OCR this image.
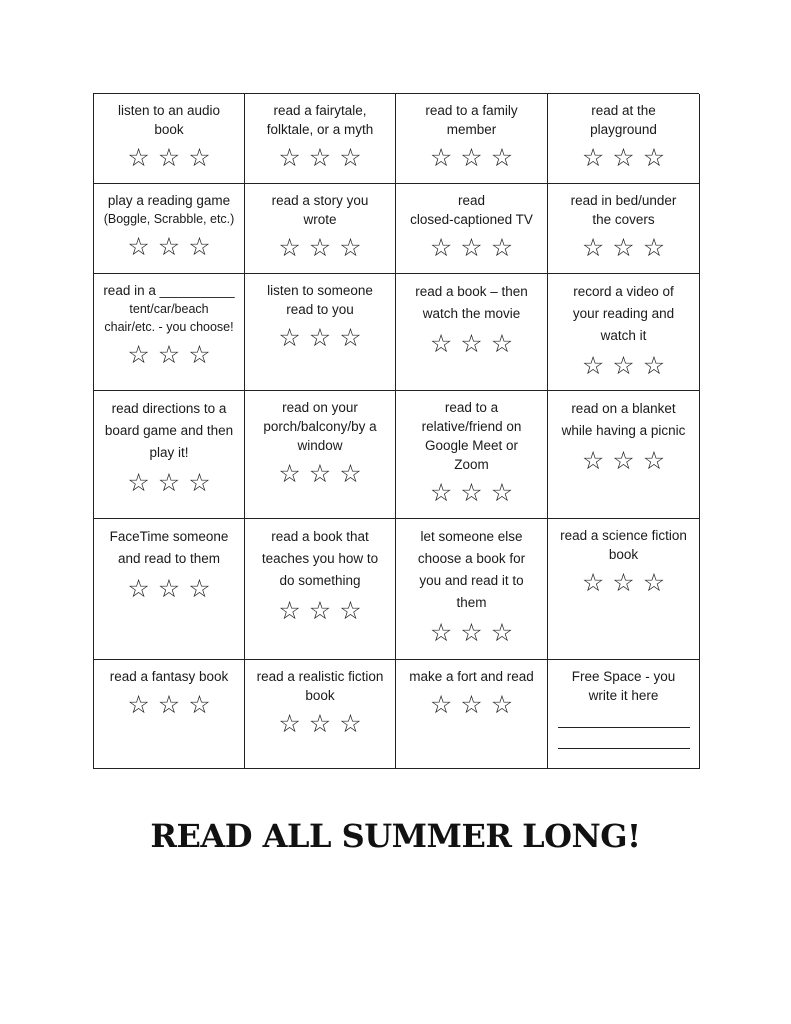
listen to an audio
book
☆ ☆ ☆
read a fairytale,
folktale, or a myth
☆ ☆ ☆
read to a family
member
☆ ☆ ☆
read at the
playground
☆ ☆ ☆
play a reading game
(Boggle, Scrabble, etc.)
☆ ☆ ☆
read a story you
wrote
☆ ☆ ☆
read
closed-captioned TV
☆ ☆ ☆
read in bed/under
the covers
☆ ☆ ☆
read in a __________
tent/car/beach
chair/etc. - you choose!
☆ ☆ ☆
listen to someone
read to you
☆ ☆ ☆
read a book – then
watch the movie
☆ ☆ ☆
record a video of
your reading and
watch it
☆ ☆ ☆
read directions to a
board game and then
play it!
☆ ☆ ☆
read on your
porch/balcony/by a
window
☆ ☆ ☆
read to a
relative/friend on
Google Meet or
Zoom
☆ ☆ ☆
read on a blanket
while having a picnic
☆ ☆ ☆
FaceTime someone
and read to them
☆ ☆ ☆
read a book that
teaches you how to
do something
☆ ☆ ☆
let someone else
choose a book for
you and read it to
them
☆ ☆ ☆
read a science fiction
book
☆ ☆ ☆
read a fantasy book
☆ ☆ ☆
read a realistic fiction
book
☆ ☆ ☆
make a fort and read
☆ ☆ ☆
Free Space - you
write it here
READ ALL SUMMER LONG!
